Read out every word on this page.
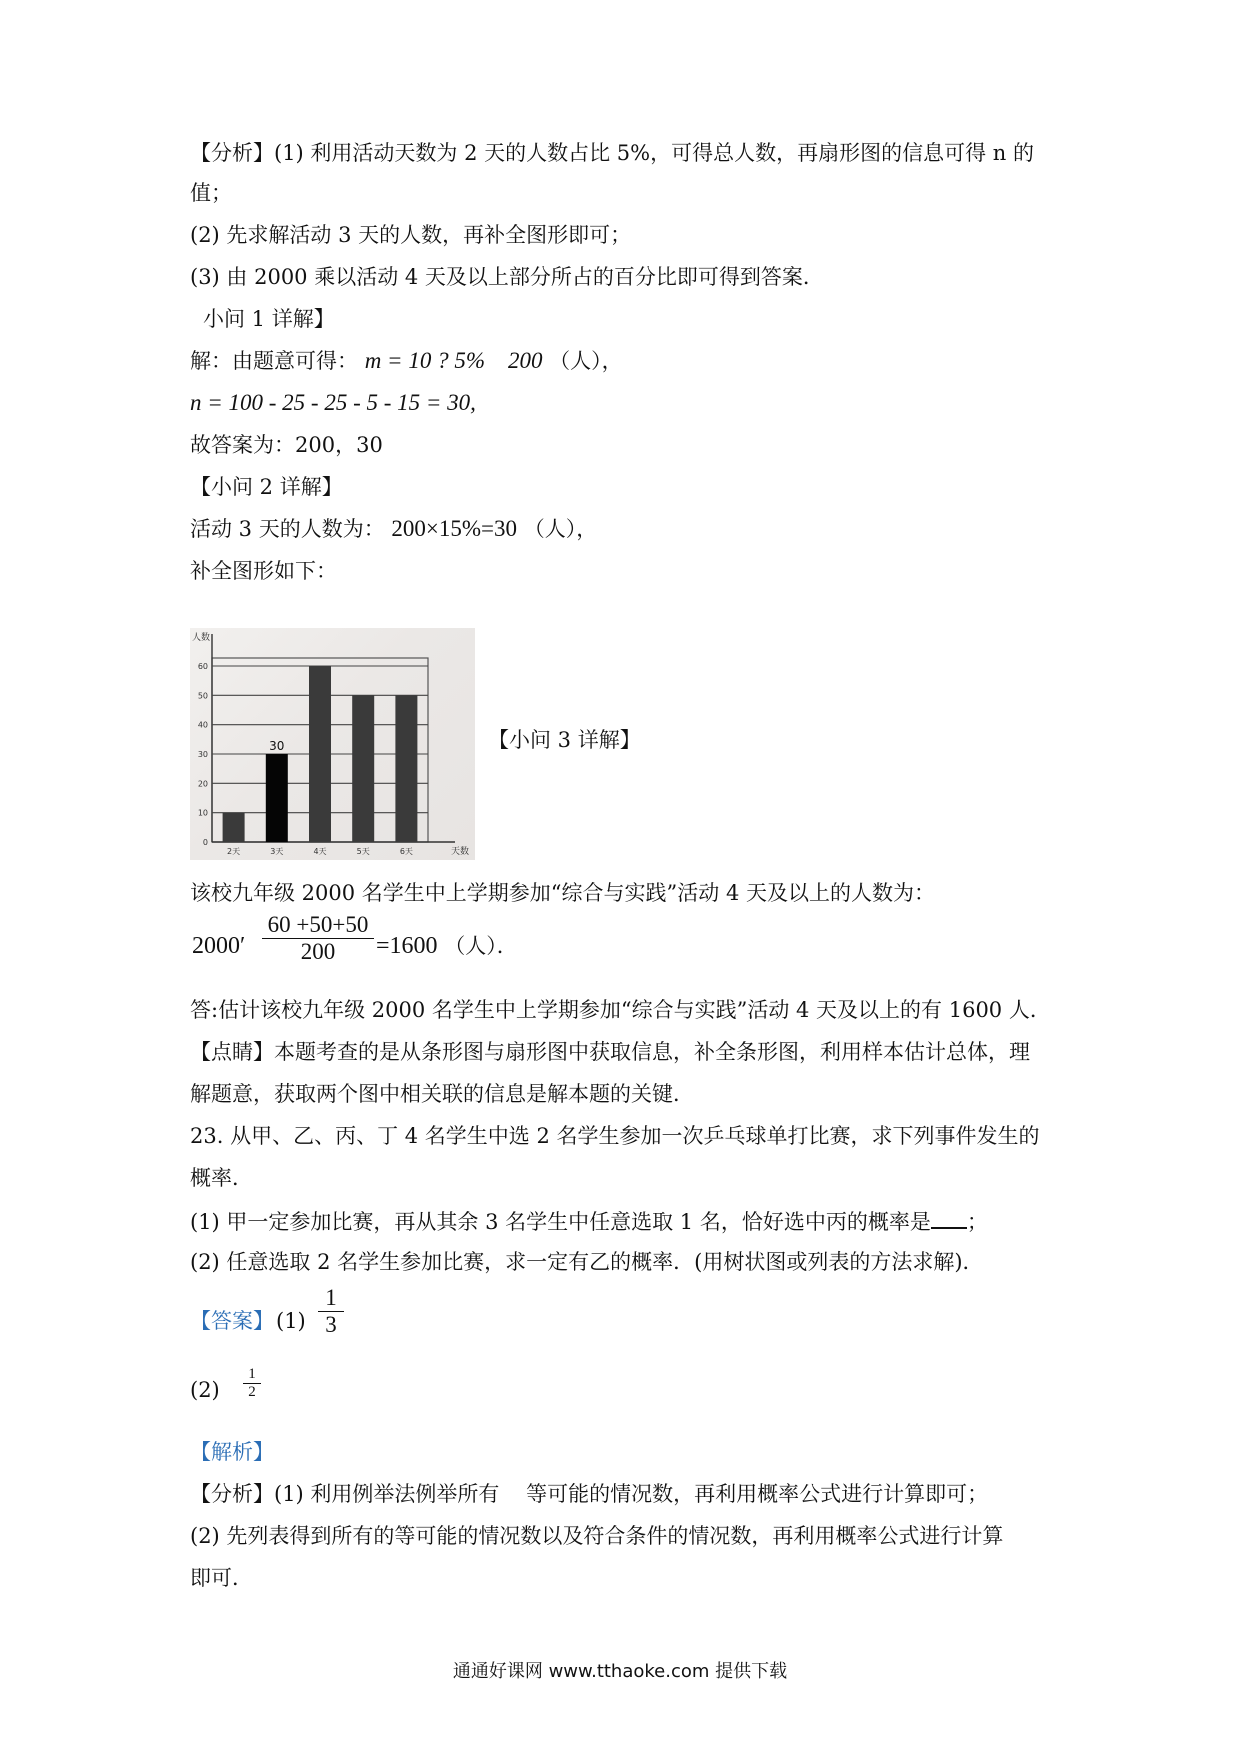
【分析】(1) 利用活动天数为 2 天的人数占比 5%，可得总人数，再扇形图的信息可得 n 的
值；
(2) 先求解活动 3 天的人数，再补全图形即可；
(3) 由 2000 乘以活动 4 天及以上部分所占的百分比即可得到答案．
小问 1 详解】
解：由题意可得： m = 10 ? 5%    200 （人），
n = 100 - 25 - 25 - 5 - 15 = 30,
故答案为：200，30
【小问 2 详解】
活动 3 天的人数为： 200×15%=30 （人），
补全图形如下：
0
10
20
30
40
50
60
人数
天数
2天	3天
30
4天	5天	6天
【小问 3 详解】
该校九年级 2000 名学生中上学期参加“综合与实践”活动 4 天及以上的人数为：
2000′
60 +50+50
200	=1600 （人）．
答:估计该校九年级 2000 名学生中上学期参加“综合与实践”活动 4 天及以上的有 1600 人．
【点睛】本题考查的是从条形图与扇形图中获取信息，补全条形图，利用样本估计总体，理
解题意，获取两个图中相关联的信息是解本题的关键．
23. 从甲、乙、丙、丁 4 名学生中选 2 名学生参加一次乒乓球单打比赛，求下列事件发生的
概率．
(1) 甲一定参加比赛，再从其余 3 名学生中任意选取 1 名，恰好选中丙的概率是 ；
(2) 任意选取 2 名学生参加比赛，求一定有乙的概率．(用树状图或列表的方法求解)．
【答案】 (1)
1
3
(2)
1
2
【解析】
【分析】(1) 利用例举法例举所有    等可能的情况数，再利用概率公式进行计算即可；
(2) 先列表得到所有的等可能的情况数以及符合条件的情况数，再利用概率公式进行计算
即可．
通通好课网 www.tthaoke.com 提供下载
